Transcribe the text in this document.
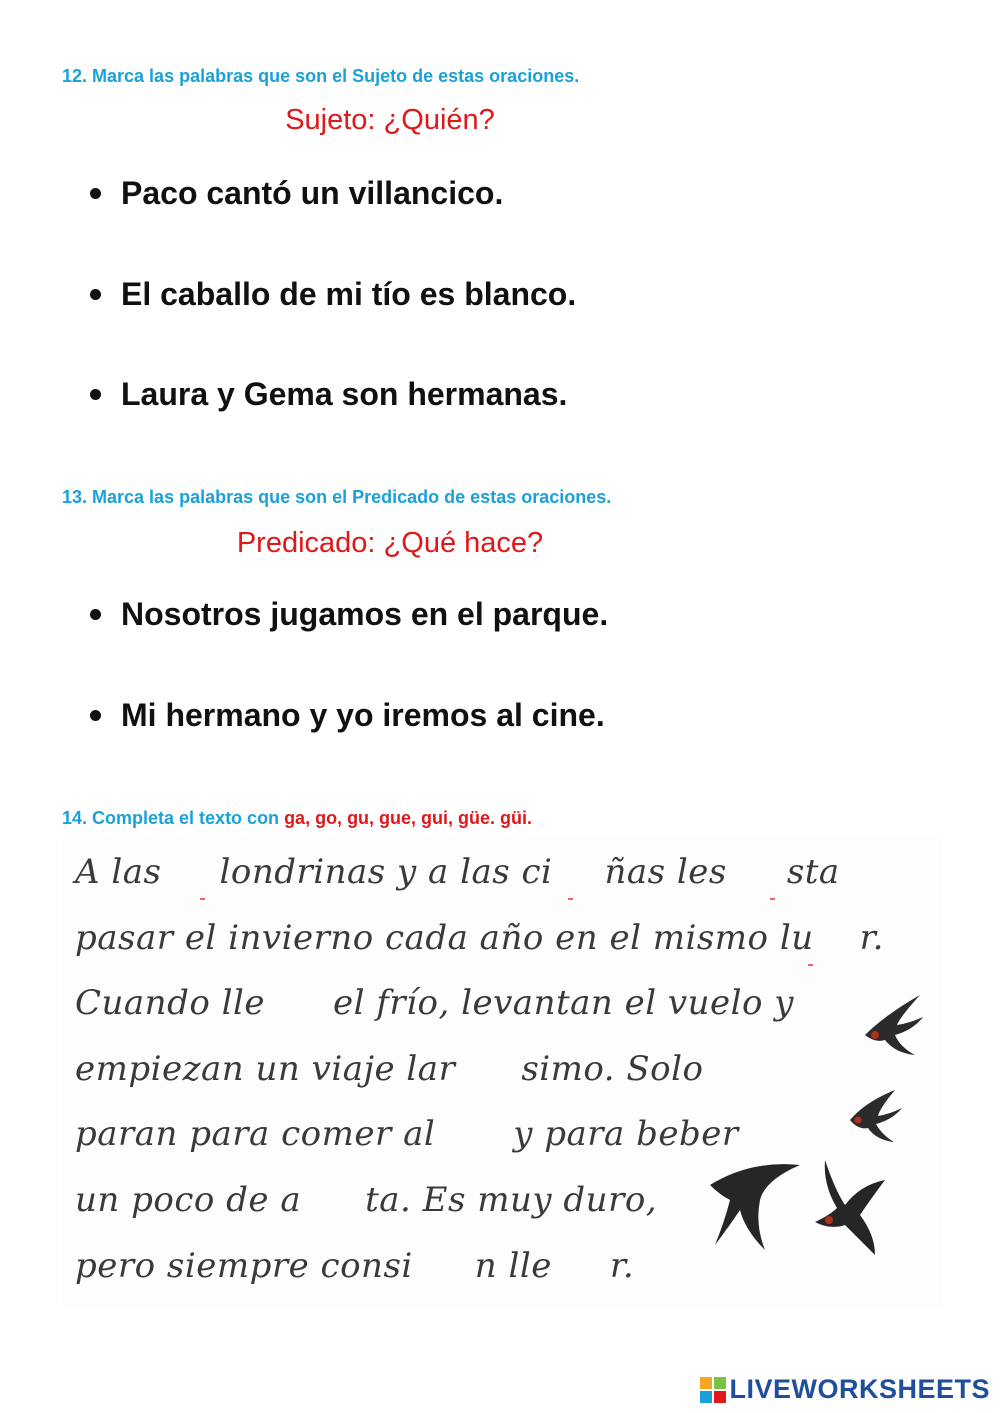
12. Marca las palabras que son el Sujeto de estas oraciones.
Sujeto: ¿Quién?
Paco cantó un villancico.
El caballo de mi tío es blanco.
Laura y Gema son hermanas.
13. Marca las palabras que son el Predicado de estas oraciones.
Predicado: ¿Qué hace?
Nosotros jugamos en el parque.
Mi hermano y yo iremos al cine.
14. Completa el texto con ga, go, gu, gue, gui, güe. güi.
A las londrinas y a las ci ñas les sta
pasar el invierno cada año en el mismo lu r.
Cuando lle el frío, levantan el vuelo y
empiezan un viaje lar simo. Solo
paran para comer al y para beber
un poco de a ta. Es muy duro,
pero siempre consi n lle r.
LIVEWORKSHEETS
